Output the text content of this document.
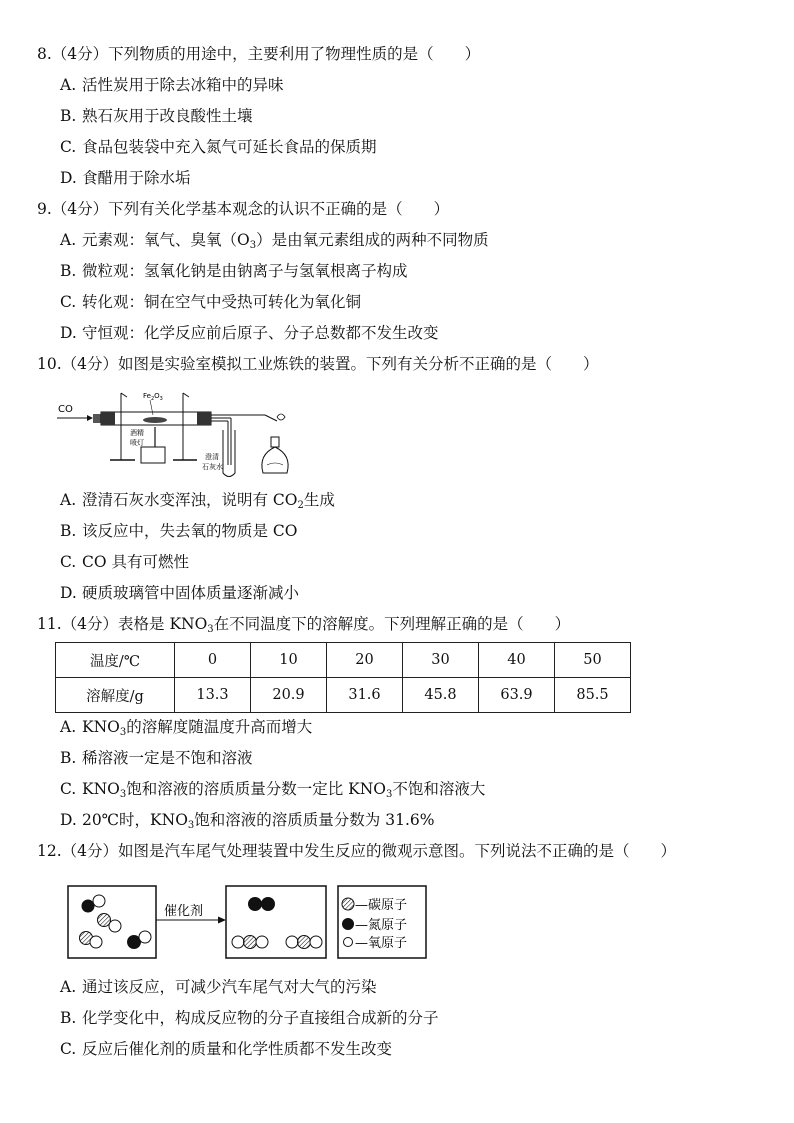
8.（4分）下列物质的用途中，主要利用了物理性质的是（　　）
A. 活性炭用于除去冰箱中的异味
B. 熟石灰用于改良酸性土壤
C. 食品包装袋中充入氮气可延长食品的保质期
D. 食醋用于除水垢
9.（4分）下列有关化学基本观念的认识不正确的是（　　）
A. 元素观：氧气、臭氧$(O_3)$是由氧元素组成的两种不同物质
B. 微粒观：氢氧化钠是由钠离子与氢氧根离子构成
C. 转化观：铜在空气中受热可转化为氧化铜
D. 守恒观：化学反应前后原子、分子总数都不发生改变
10.（4分）如图是实验室模拟工业炼铁的装置。下列有关分析不正确的是（　　）
CO
$Fe_2O_3$
酒精
喷灯
澄清
石灰水
A. 澄清石灰水变浑浊，说明有 $CO_2$生成
B. 该反应中，失去氧的物质是 CO
C. CO 具有可燃性
D. 硬质玻璃管中固体质量逐渐减小
11.（4分）表格是 $KNO_3$在不同温度下的溶解度。下列理解正确的是（　　）
温度/℃	0	10	20	30	40	50
溶解度/g	13.3	20.9	31.6	45.8	63.9	85.5
A. $KNO_3$的溶解度随温度升高而增大
B. 稀溶液一定是不饱和溶液
C. $KNO_3$饱和溶液的溶质质量分数一定比 $KNO_3$不饱和溶液大
D. 20℃时，$KNO_3$饱和溶液的溶质质量分数为 31.6%
12.（4分）如图是汽车尾气处理装置中发生反应的微观示意图。下列说法不正确的是（　　）
催化剂	—碳原子
—氮原子
—氧原子
A. 通过该反应，可减少汽车尾气对大气的污染
B. 化学变化中，构成反应物的分子直接组合成新的分子
C. 反应后催化剂的质量和化学性质都不发生改变
